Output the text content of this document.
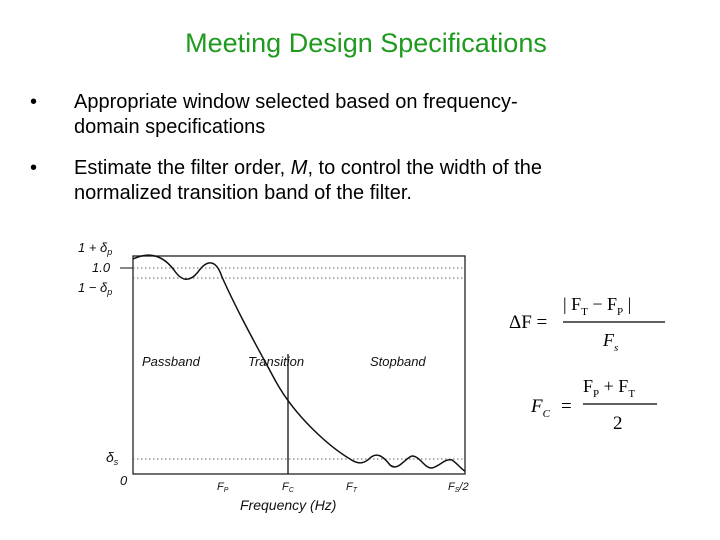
Meeting Design Specifications
• Appropriate window selected based on frequency-
domain specifications
• Estimate the filter order, M, to control the width of the
normalized transition band of the filter.
$1 + \delta_p$
1.0
$1 - \delta_p$
$\delta_s$
0
Passband	Transition	Stopband
FP	FC	FT	FS/2
Frequency (Hz)
ΔF =
| $F_T - F_P$ |
$F_s$
$F_C$ =
$F_P + F_T$
2
